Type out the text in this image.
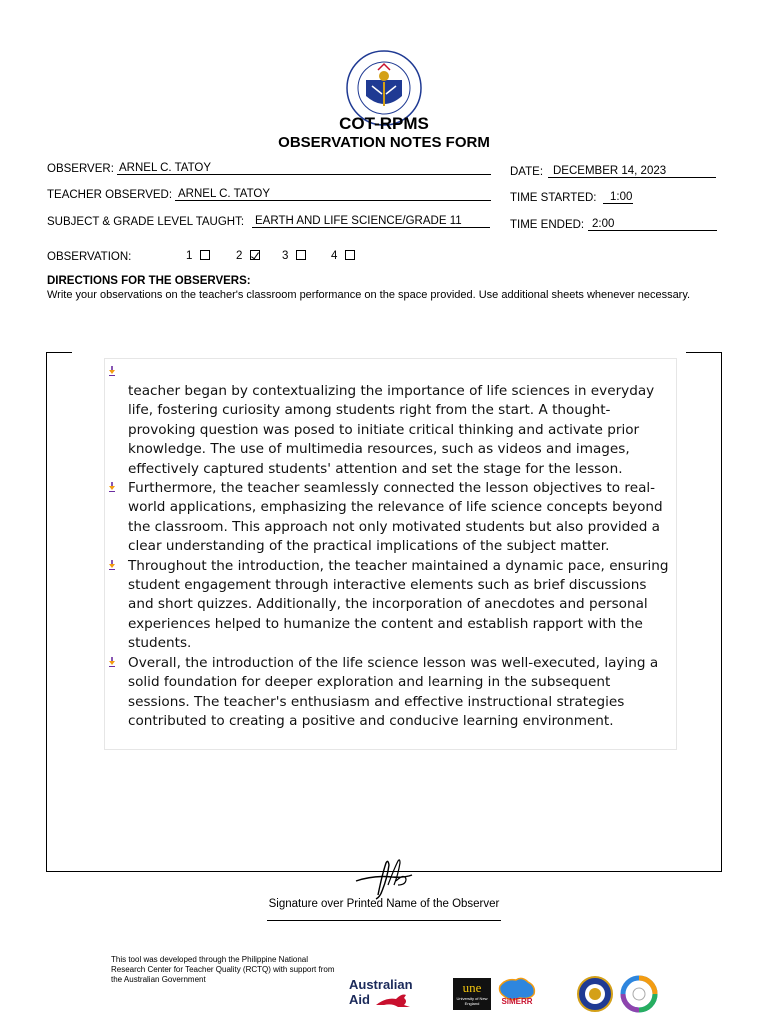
COT-RPMS
OBSERVATION NOTES FORM
OBSERVER: ARNEL C. TATOY
TEACHER OBSERVED: ARNEL C. TATOY
SUBJECT & GRADE LEVEL TAUGHT: EARTH AND LIFE SCIENCE/GRADE 11
DATE: DECEMBER 14, 2023
TIME STARTED: 1:00
TIME ENDED: 2:00
OBSERVATION:	1	2	3	4
DIRECTIONS FOR THE OBSERVERS:
Write your observations on the teacher's classroom performance on the space provided. Use additional sheets whenever necessary.
teacher began by contextualizing the importance of life sciences in everyday life, fostering curiosity among students right from the start. A thought-provoking question was posed to initiate critical thinking and activate prior knowledge. The use of multimedia resources, such as videos and images, effectively captured students' attention and set the stage for the lesson.
Furthermore, the teacher seamlessly connected the lesson objectives to real-world applications, emphasizing the relevance of life science concepts beyond the classroom. This approach not only motivated students but also provided a clear understanding of the practical implications of the subject matter.
Throughout the introduction, the teacher maintained a dynamic pace, ensuring student engagement through interactive elements such as brief discussions and short quizzes. Additionally, the incorporation of anecdotes and personal experiences helped to humanize the content and establish rapport with the students.
Overall, the introduction of the life science lesson was well-executed, laying a solid foundation for deeper exploration and learning in the subsequent sessions. The teacher's enthusiasm and effective instructional strategies contributed to creating a positive and conducive learning environment.
Signature over Printed Name of the Observer
This tool was developed through the Philippine National Research Center for Teacher Quality (RCTQ) with support from the Australian Government	Australian
Aid
une
University of New England	SiMERR
